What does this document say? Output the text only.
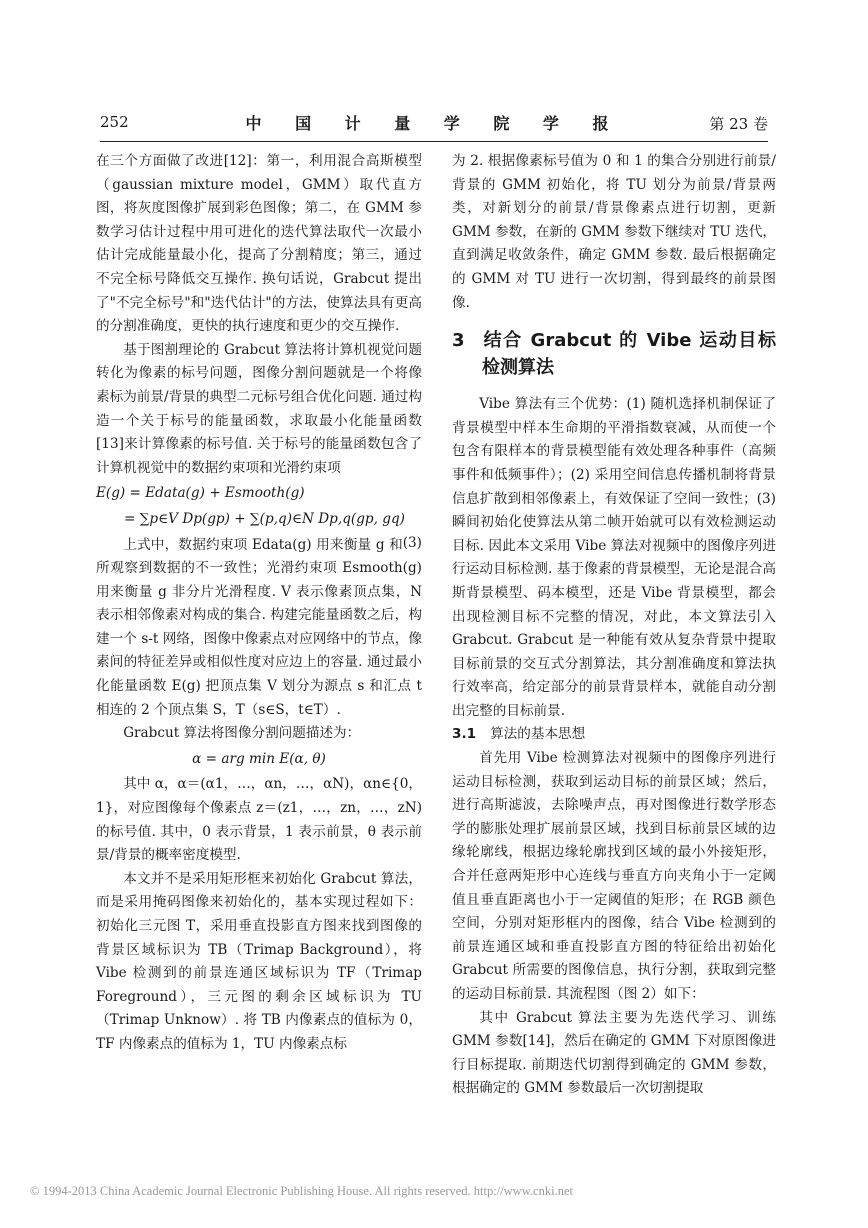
252	中 国 计 量 学 院 学 报	第 23 卷

在三个方面做了改进[12]：第一，利用混合高斯模型（gaussian mixture model，GMM）取代直方图，将灰度图像扩展到彩色图像；第二，在 GMM 参数学习估计过程中用可进化的迭代算法取代一次最小估计完成能量最小化，提高了分割精度；第三，通过不完全标号降低交互操作. 换句话说，Grabcut 提出了"不完全标号"和"迭代估计"的方法，使算法具有更高的分割准确度，更快的执行速度和更少的交互操作.

基于图割理论的 Grabcut 算法将计算机视觉问题转化为像素的标号问题，图像分割问题就是一个将像素标为前景/背景的典型二元标号组合优化问题. 通过构造一个关于标号的能量函数，求取最小化能量函数[13]来计算像素的标号值. 关于标号的能量函数包含了计算机视觉中的数据约束项和光滑约束项

E(g) = Edata(g) + Esmooth(g)

= ∑p∈V Dp(gp) + ∑(p,q)∈N Dp,q(gp, gq)
(3)

上式中，数据约束项 Edata(g) 用来衡量 g 和所观察到数据的不一致性；光滑约束项 Esmooth(g) 用来衡量 g 非分片光滑程度. V 表示像素顶点集，N 表示相邻像素对构成的集合. 构建完能量函数之后，构建一个 s-t 网络，图像中像素点对应网络中的节点，像素间的特征差异或相似性度对应边上的容量. 通过最小化能量函数 E(g) 把顶点集 V 划分为源点 s 和汇点 t 相连的 2 个顶点集 S，T（s∈S，t∈T）.

Grabcut 算法将图像分割问题描述为：

α = arg min E(α, θ)

其中 α，α＝(α1，…，αn，…，αN)，αn∈{0，1}，对应图像每个像素点 z＝(z1，…，zn，…，zN) 的标号值. 其中，0 表示背景，1 表示前景，θ 表示前景/背景的概率密度模型.

本文并不是采用矩形框来初始化 Grabcut 算法，而是采用掩码图像来初始化的，基本实现过程如下：初始化三元图 T，采用垂直投影直方图来找到图像的背景区域标识为 TB（Trimap Background），将 Vibe 检测到的前景连通区域标识为 TF（Trimap Foreground），三元图的剩余区域标识为 TU（Trimap Unknow）. 将 TB 内像素点的值标为 0，TF 内像素点的值标为 1，TU 内像素点标

为 2. 根据像素标号值为 0 和 1 的集合分别进行前景/背景的 GMM 初始化，将 TU 划分为前景/背景两类，对新划分的前景/背景像素点进行切割，更新 GMM 参数，在新的 GMM 参数下继续对 TU 迭代，直到满足收敛条件，确定 GMM 参数. 最后根据确定的 GMM 对 TU 进行一次切割，得到最终的前景图像.

3 结合 Grabcut 的 Vibe 运动目标检测算法

Vibe 算法有三个优势：(1) 随机选择机制保证了背景模型中样本生命期的平滑指数衰减，从而使一个包含有限样本的背景模型能有效处理各种事件（高频事件和低频事件）；(2) 采用空间信息传播机制将背景信息扩散到相邻像素上，有效保证了空间一致性；(3) 瞬间初始化使算法从第二帧开始就可以有效检测运动目标. 因此本文采用 Vibe 算法对视频中的图像序列进行运动目标检测. 基于像素的背景模型，无论是混合高斯背景模型、码本模型，还是 Vibe 背景模型，都会出现检测目标不完整的情况，对此，本文算法引入 Grabcut. Grabcut 是一种能有效从复杂背景中提取目标前景的交互式分割算法，其分割准确度和算法执行效率高，给定部分的前景背景样本，就能自动分割出完整的目标前景.

3.1 算法的基本思想

首先用 Vibe 检测算法对视频中的图像序列进行运动目标检测，获取到运动目标的前景区域；然后，进行高斯滤波，去除噪声点，再对图像进行数学形态学的膨胀处理扩展前景区域，找到目标前景区域的边缘轮廓线，根据边缘轮廓找到区域的最小外接矩形，合并任意两矩形中心连线与垂直方向夹角小于一定阈值且垂直距离也小于一定阈值的矩形；在 RGB 颜色空间，分别对矩形框内的图像，结合 Vibe 检测到的前景连通区域和垂直投影直方图的特征给出初始化 Grabcut 所需要的图像信息，执行分割，获取到完整的运动目标前景. 其流程图（图 2）如下：

其中 Grabcut 算法主要为先迭代学习、训练 GMM 参数[14]，然后在确定的 GMM 下对原图像进行目标提取. 前期迭代切割得到确定的 GMM 参数，根据确定的 GMM 参数最后一次切割提取

© 1994-2013 China Academic Journal Electronic Publishing House. All rights reserved. http://www.cnki.net
